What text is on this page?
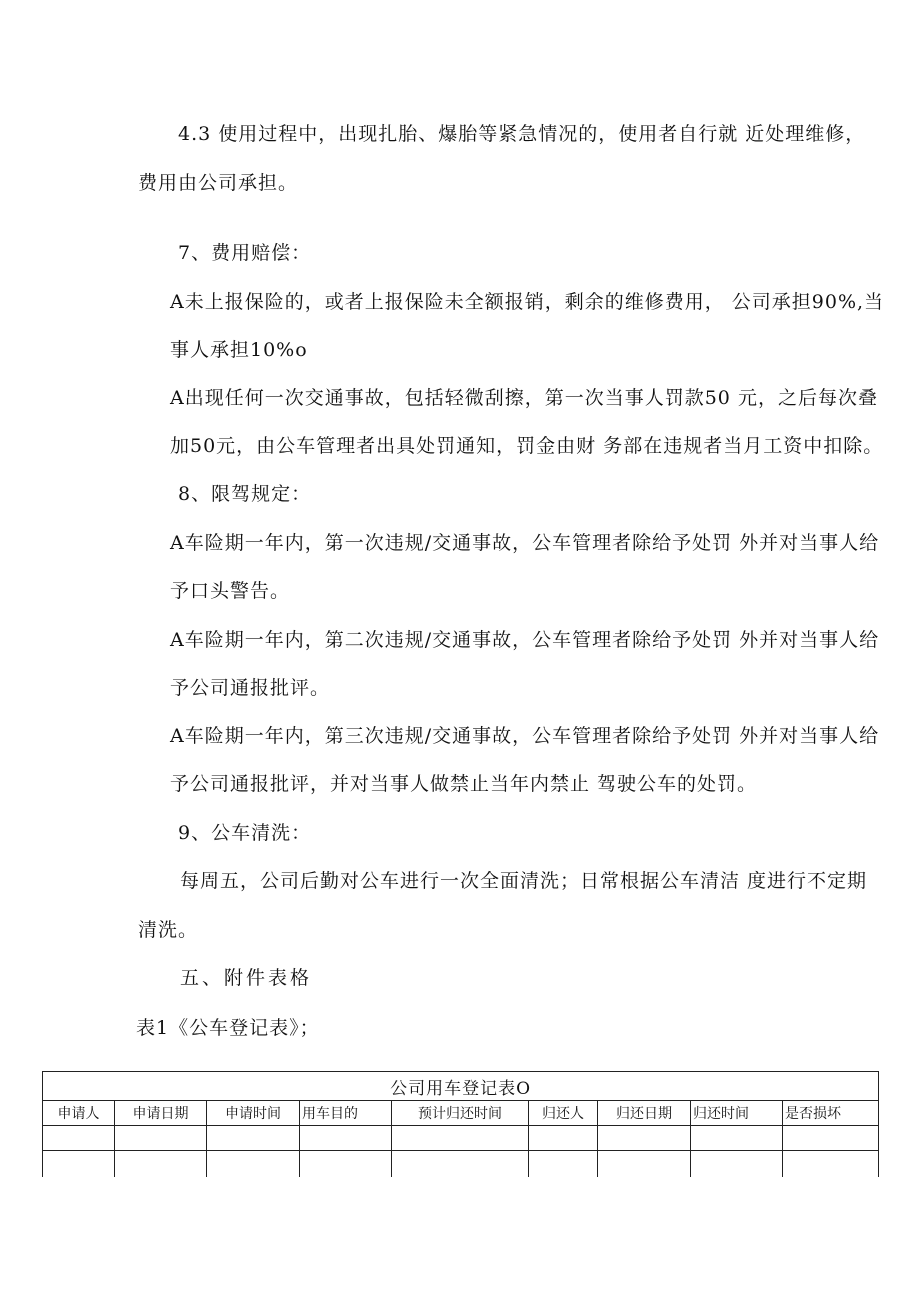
4.3 使用过程中，出现扎胎、爆胎等紧急情况的，使用者自行就 近处理维修，
费用由公司承担。
7、费用赔偿：
A未上报保险的，或者上报保险未全额报销，剩余的维修费用， 公司承担90%,当
事人承担10%o
A出现任何一次交通事故，包括轻微刮擦，第一次当事人罚款50 元，之后每次叠
加50元，由公车管理者出具处罚通知，罚金由财 务部在违规者当月工资中扣除。
8、限驾规定：
A车险期一年内，第一次违规/交通事故，公车管理者除给予处罚 外并对当事人给
予口头警告。
A车险期一年内，第二次违规/交通事故，公车管理者除给予处罚 外并对当事人给
予公司通报批评。
A车险期一年内，第三次违规/交通事故，公车管理者除给予处罚 外并对当事人给
予公司通报批评，并对当事人做禁止当年内禁止 驾驶公车的处罚。
9、公车清洗：
每周五，公司后勤对公车进行一次全面清洗；日常根据公车清洁 度进行不定期
清洗。
五、附件表格
表1《公车登记表》；
公司用车登记表O								
申请人	申请日期	申请时间	用车目的	预计归还时间	归还人	归还日期	归还时间	是否损坏
